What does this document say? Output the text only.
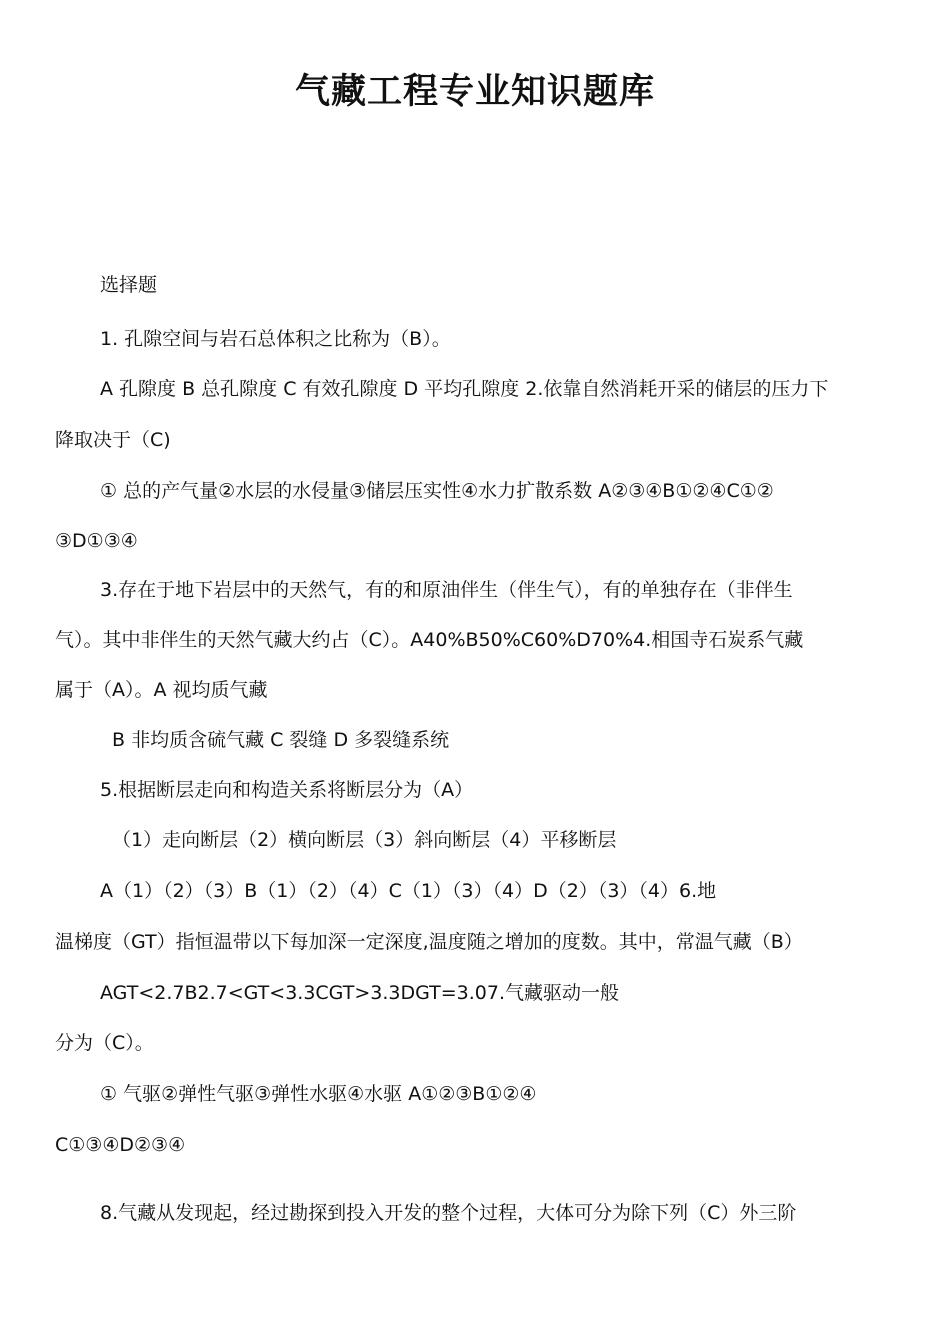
气藏工程专业知识题库

选择题

1. 孔隙空间与岩石总体积之比称为（B）。

A 孔隙度 B 总孔隙度 C 有效孔隙度 D 平均孔隙度 2.依靠自然消耗开采的储层的压力下

降取决于（C)

① 总的产气量②水层的水侵量③储层压实性④水力扩散系数 A②③④B①②④C①②

③D①③④

3.存在于地下岩层中的天然气，有的和原油伴生（伴生气），有的单独存在（非伴生

气）。其中非伴生的天然气藏大约占（C）。A40%B50%C60%D70%4.相国寺石炭系气藏

属于（A）。A 视均质气藏

B 非均质含硫气藏 C 裂缝 D 多裂缝系统

5.根据断层走向和构造关系将断层分为（A）

（1）走向断层（2）横向断层（3）斜向断层（4）平移断层

A（1）（2）（3）B（1）（2）（4）C（1）（3）（4）D（2）（3）（4）6.地

温梯度（GT）指恒温带以下每加深一定深度,温度随之增加的度数。其中，常温气藏（B）

AGT<2.7B2.7<GT<3.3CGT>3.3DGT=3.07.气藏驱动一般

分为（C）。

① 气驱②弹性气驱③弹性水驱④水驱 A①②③B①②④

C①③④D②③④

8.气藏从发现起，经过勘探到投入开发的整个过程，大体可分为除下列（C）外三阶
